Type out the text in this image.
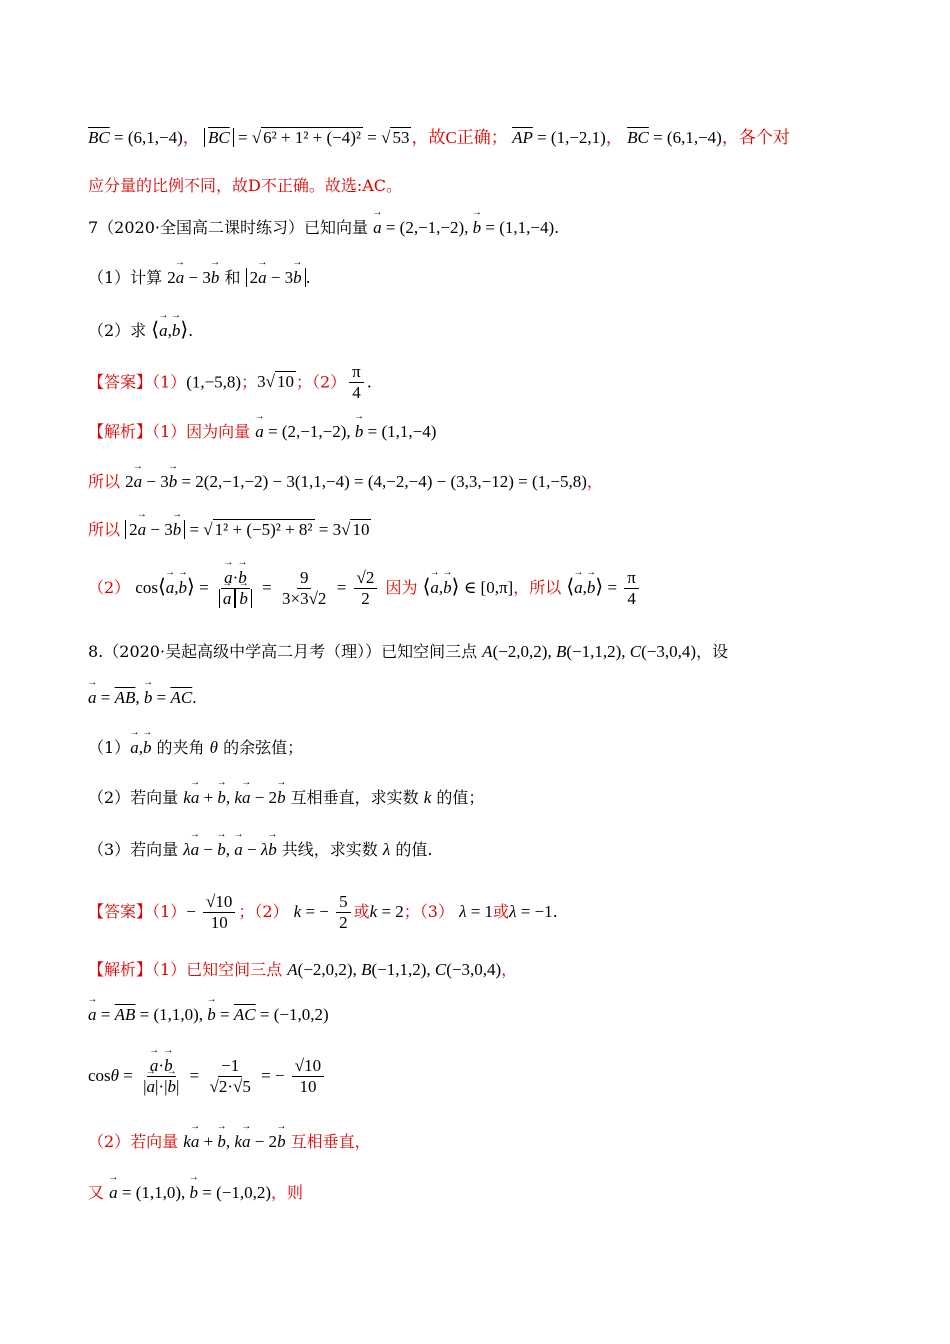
$\overline{BC} = (6,1,-4)$， $\overline{BC}$ = √ 6² + 1² + (−4)² = √ 53 ，故C正确； $\overline{AP} = (1,-2,1)$， $\overline{BC} = (6,1,-4)$，各个对
应分量的比例不同，故D不正确。故选:AC。
7（2020·全国高二课时练习）已知向量 → a = (2,−1,−2), → b = (1,1,−4).
（1）计算 2→ a − 3→ b 和 2→ a − 3→ b .
（2）求 ⟨→ a,→ b⟩.
【答案】（1）(1,−5,8)；3√ 10 ；$(2) \frac{\pi}{4}$ .
【解析】（1）因为向量 → a = (2,−1,−2), → b = (1,1,−4)
所以 2→ a − 3→ b = 2(2,−1,−2) − 3(1,1,−4) = (4,−2,−4) − (3,3,−12) = (1,−5,8)，
所以 2→ a − 3→ b = √ 1² + (−5)² + 8² = 3√ 10
（2） cos⟨→ a,→ b⟩ = → a·→ b
→ $a \to b = \frac{9}{3\times 3√2} = \frac{√2}{2}$ 因为 ⟨→ a,→ b⟩ ∈ [0,π]，所以 ⟨→ a,→ b⟩ = $\frac{\pi}{4}$
8.（2020·吴起高级中学高二月考（理））已知空间三点 A(−2,0,2), B(−1,1,2), C(−3,0,4)，设
→ $a = \overline{AB}$, → $b = \overline{AC}$.
（1）→ a,→ b 的夹角 θ 的余弦值；
（2）若向量 k→ a + → b, k→ a − 2→ b 互相垂直，求实数 k 的值；
（3）若向量 λ→ a − → b, → a − λ→ b 共线，求实数 λ 的值.
【答案】$(1)- \frac{√10}{10}$ ；（2） k = − $\frac{5}{2}$ 或k = 2；（3） λ = 1或λ = −1.
【解析】（1）已知空间三点 A(−2,0,2), B(−1,1,2), C(−3,0,4)，
→ $a = \overline{AB} = (1,1,0)$, → $b = \overline{AC} = (-1,0,2)$
cosθ = → $\frac{a\cdot\to b}{|\to a|\cdot|\to b|} = \frac{-1}{√2\cdot√5}$ = − $\frac{√10}{10}$
（2）若向量 k→ a + → b, k→ a − 2→ b 互相垂直，
又 → a = (1,1,0), → b = (−1,0,2)，则
